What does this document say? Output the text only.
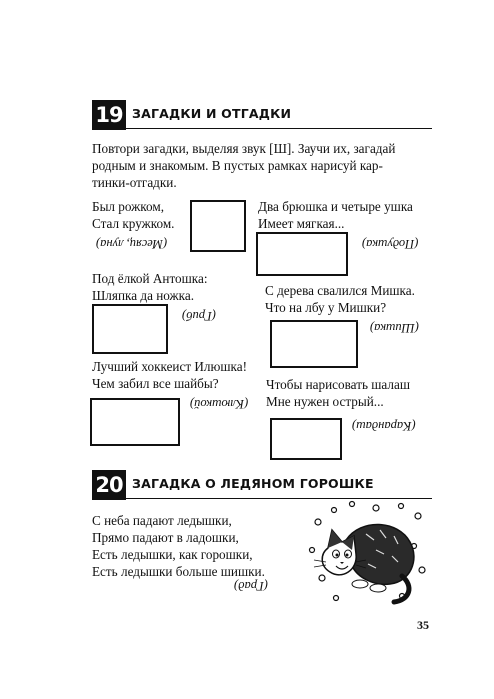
19 ЗАГАДКИ И ОТГАДКИ
Повтори загадки, выделяя звук [Ш]. Заучи их, загадай
родным и знакомым. В пустых рамках нарисуй кар-
тинки-отгадки.
Был рожком,
Стал кружком.
(Месяц, луна)
Два брюшка и четыре ушка
Имеет мягкая...
(Подушка)
Под ёлкой Антошка:
Шляпка да ножка.
(Гриб)
С дерева свалился Мишка.
Что на лбу у Мишки?
(Шишка)
Лучший хоккеист Илюшка!
Чем забил все шайбы?
(Клюшкой)
Чтобы нарисовать шалаш
Мне нужен острый...
(Карандаш)
20 ЗАГАДКА О ЛЕДЯНОМ ГОРОШКЕ
С неба падают ледышки,
Прямо падают в ладошки,
Есть ледышки, как горошки,
Есть ледышки больше шишки.
(Град)
35
